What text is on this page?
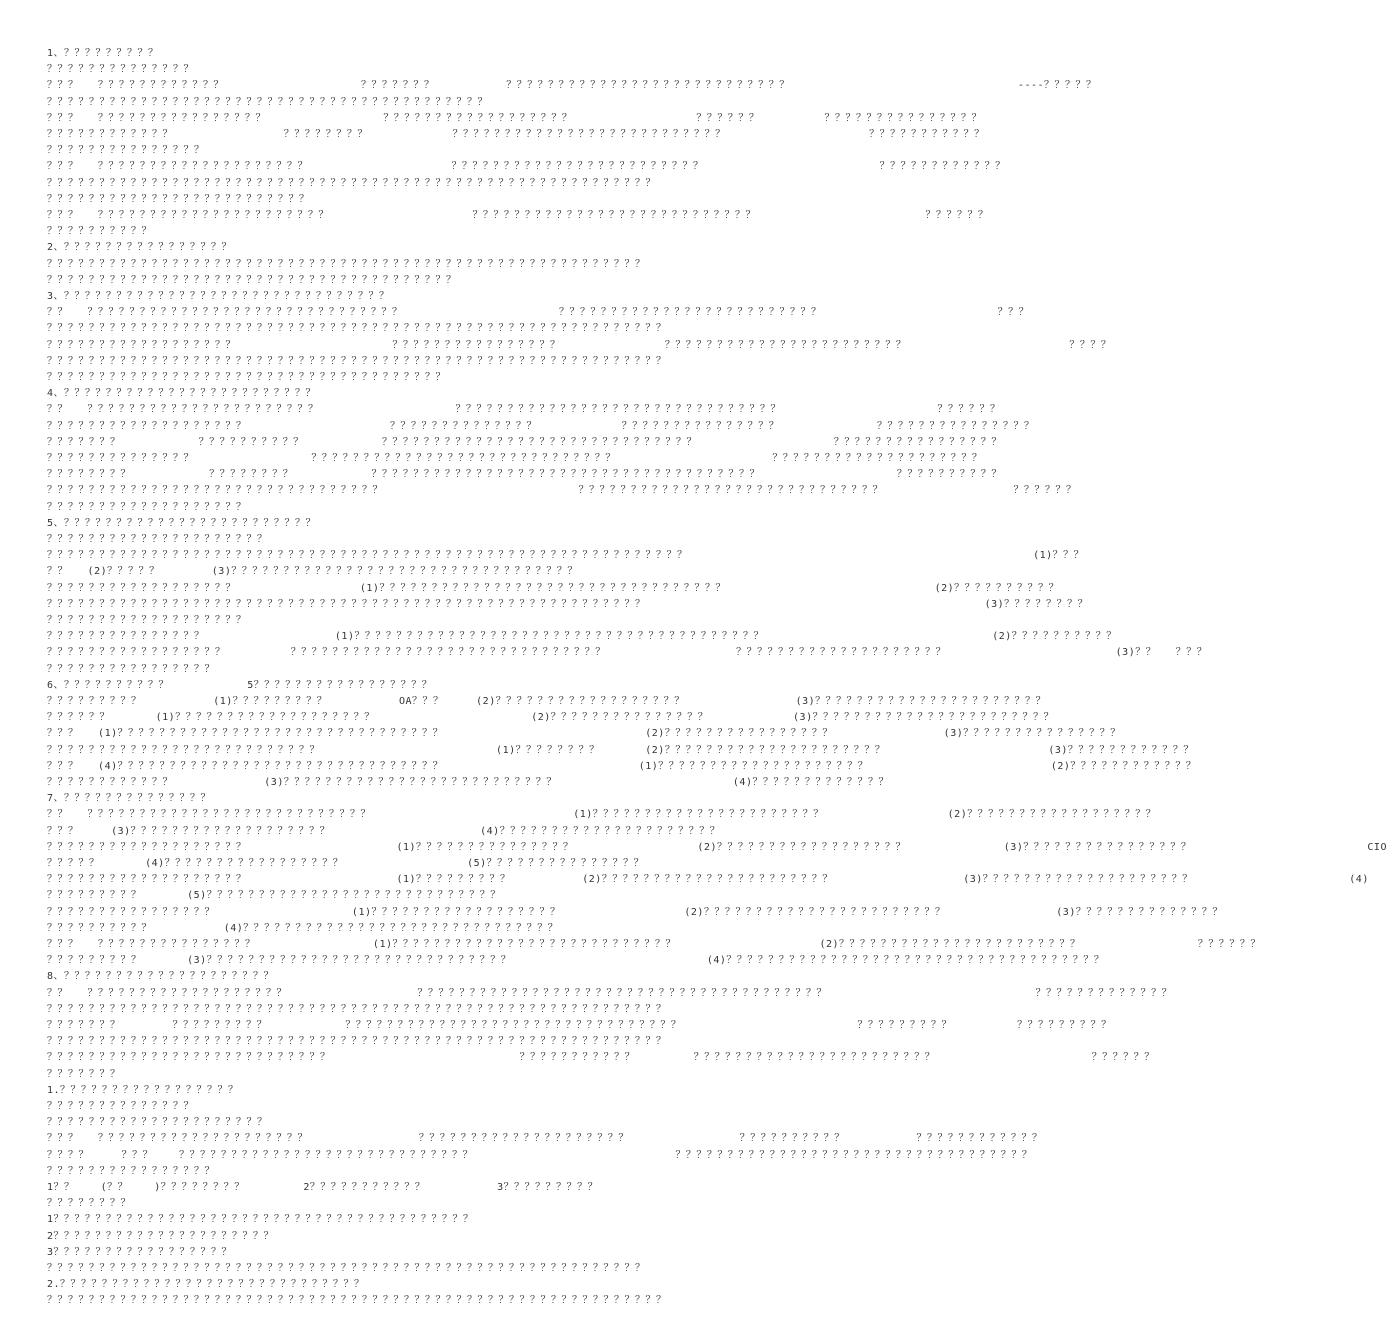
1、？？？？？？？？？
？？？？？？？？？？？？？？
？？？   ？？？？？？？？？？？？                     ？？？？？？？           ？？？？？？？？？？？？？？？？？？？？？？？？？？？                                   ----？？？？？
？？？？？？？？？？？？？？？？？？？？？？？？？？？？？？？？？？？？？？？？？？
？？？   ？？？？？？？？？？？？？？？？                  ？？？？？？？？？？？？？？？？？？                   ？？？？？？          ？？？？？？？？？？？？？？？
？？？？？？？？？？？？                 ？？？？？？？？             ？？？？？？？？？？？？？？？？？？？？？？？？？？                      ？？？？？？？？？？？
？？？？？？？？？？？？？？？
？？？   ？？？？？？？？？？？？？？？？？？？？                      ？？？？？？？？？？？？？？？？？？？？？？？？                           ？？？？？？？？？？？？
？？？？？？？？？？？？？？？？？？？？？？？？？？？？？？？？？？？？？？？？？？？？？？？？？？？？？？？？？？
？？？？？？？？？？？？？？？？？？？？？？？？？
？？？   ？？？？？？？？？？？？？？？？？？？？？？                      ？？？？？？？？？？？？？？？？？？？？？？？？？？？                          ？？？？？？
？？？？？？？？？？
2、？？？？？？？？？？？？？？？？
？？？？？？？？？？？？？？？？？？？？？？？？？？？？？？？？？？？？？？？？？？？？？？？？？？？？？？？？？
？？？？？？？？？？？？？？？？？？？？？？？？？？？？？？？？？？？？？？？
3、？？？？？？？？？？？？？？？？？？？？？？？？？？？？？？？
？？   ？？？？？？？？？？？？？？？？？？？？？？？？？？？？？？                        ？？？？？？？？？？？？？？？？？？？？？？？？？                           ？？？
？？？？？？？？？？？？？？？？？？？？？？？？？？？？？？？？？？？？？？？？？？？？？？？？？？？？？？？？？？？
？？？？？？？？？？？？？？？？？？                        ？？？？？？？？？？？？？？？？                ？？？？？？？？？？？？？？？？？？？？？？？                         ？？？？
？？？？？？？？？？？？？？？？？？？？？？？？？？？？？？？？？？？？？？？？？？？？？？？？？？？？？？？？？？？
？？？？？？？？？？？？？？？？？？？？？？？？？？？？？？？？？？？？？？
4、？？？？？？？？？？？？？？？？？？？？？？？？
？？   ？？？？？？？？？？？？？？？？？？？？？？                     ？？？？？？？？？？？？？？？？？？？？？？？？？？？？？？？                        ？？？？？？
？？？？？？？？？？？？？？？？？？？                      ？？？？？？？？？？？？？？             ？？？？？？？？？？？？？？？               ？？？？？？？？？？？？？？？
？？？？？？？            ？？？？？？？？？？            ？？？？？？？？？？？？？？？？？？？？？？？？？？？？？？                     ？？？？？？？？？？？？？？？？
？？？？？？？？？？？？？？                  ？？？？？？？？？？？？？？？？？？？？？？？？？？？？？                        ？？？？？？？？？？？？？？？？？？？？
？？？？？？？？            ？？？？？？？？            ？？？？？？？？？？？？？？？？？？？？？？？？？？？？？？？？？？？？？                     ？？？？？？？？？？
？？？？？？？？？？？？？？？？？？？？？？？？？？？？？？？？                              ？？？？？？？？？？？？？？？？？？？？？？？？？？？？？                    ？？？？？？
？？？？？？？？？？？？？？？？？？？
5、？？？？？？？？？？？？？？？？？？？？？？？？
？？？？？？？？？？？？？？？？？？？？？
？？？？？？？？？？？？？？？？？？？？？？？？？？？？？？？？？？？？？？？？？？？？？？？？？？？？？？？？？？？？？                                                     (1)？？？
？？   (2)？？？？？        (3)？？？？？？？？？？？？？？？？？？？？？？？？？？？？？？？？？
？？？？？？？？？？？？？？？？？？                   (1)？？？？？？？？？？？？？？？？？？？？？？？？？？？？？？？？？                                (2)？？？？？？？？？？
？？？？？？？？？？？？？？？？？？？？？？？？？？？？？？？？？？？？？？？？？？？？？？？？？？？？？？？？？                                                    (3)？？？？？？？？
？？？？？？？？？？？？？？？？？？？
？？？？？？？？？？？？？？？                    (1)？？？？？？？？？？？？？？？？？？？？？？？？？？？？？？？？？？？？？？？                                   (2)？？？？？？？？？？
？？？？？？？？？？？？？？？？？          ？？？？？？？？？？？？？？？？？？？？？？？？？？？？？？                    ？？？？？？？？？？？？？？？？？？？？                          (3)？？   ？？？
？？？？？？？？？？？？？？？？
6、？？？？？？？？？？            5？？？？？？？？？？？？？？？？？
？？？？？？？？？           (1)？？？？？？？？？           OA？？？     (2)？？？？？？？？？？？？？？？？？？                 (3)？？？？？？？？？？？？？？？？？？？？？？
？？？？？？       (1)？？？？？？？？？？？？？？？？？？？                        (2)？？？？？？？？？？？？？？？             (3)？？？？？？？？？？？？？？？？？？？？？？？
？？？   (1)？？？？？？？？？？？？？？？？？？？？？？？？？？？？？？？                               (2)？？？？？？？？？？？？？？？？                 (3)？？？？？？？？？？？？？？？
？？？？？？？？？？？？？？？？？？？？？？？？？？                           (1)？？？？？？？？       (2)？？？？？？？？？？？？？？？？？？？？？                         (3)？？？？？？？？？？？？
？？？   (4)？？？？？？？？？？？？？？？？？？？？？？？？？？？？？？？                              (1)？？？？？？？？？？？？？？？？？？？？                            (2)？？？？？？？？？？？？
？？？？？？？？？？？？              (3)？？？？？？？？？？？？？？？？？？？？？？？？？？                           (4)？？？？？？？？？？？？？
7、？？？？？？？？？？？？？？
？？   ？？？？？？？？？？？？？？？？？？？？？？？？？？？                               (1)？？？？？？？？？？？？？？？？？？？？？？                   (2)？？？？？？？？？？？？？？？？？？
？？？     (3)？？？？？？？？？？？？？？？？？？？                       (4)？？？？？？？？？？？？？？？？？？？？？
？？？？？？？？？？？？？？？？？？？                       (1)？？？？？？？？？？？？？？？                   (2)？？？？？？？？？？？？？？？？？？               (3)？？？？？？？？？？？？？？？？                           CIO
？？？？？       (4)？？？？？？？？？？？？？？？？？                   (5)？？？？？？？？？？？？？？？
？？？？？？？？？？？？？？？？？？？                       (1)？？？？？？？？？           (2)？？？？？？？？？？？？？？？？？？？？？？                    (3)？？？？？？？？？？？？？？？？？？？？                        (4)
？？？？？？？？？       (5)？？？？？？？？？？？？？？？？？？？？？？？？？？？？
？？？？？？？？？？？？？？？？                     (1)？？？？？？？？？？？？？？？？？？                   (2)？？？？？？？？？？？？？？？？？？？？？？？                 (3)？？？？？？？？？？？？？？
？？？？？？？？？？           (4)？？？？？？？？？？？？？？？？？？？？？？？？？？？？？？
？？？   ？？？？？？？？？？？？？？？                  (1)？？？？？？？？？？？？？？？？？？？？？？？？？？？                      (2)？？？？？？？？？？？？？？？？？？？？？？？                  ？？？？？？
？？？？？？？？？       (3)？？？？？？？？？？？？？？？？？？？？？？？？？？？？？                              (4)？？？？？？？？？？？？？？？？？？？？？？？？？？？？？？？？？？？？
8、？？？？？？？？？？？？？？？？？？？？
？？   ？？？？？？？？？？？？？？？？？？？                    ？？？？？？？？？？？？？？？？？？？？？？？？？？？？？？？？？？？？？？？                                ？？？？？？？？？？？？？
？？？？？？？？？？？？？？？？？？？？？？？？？？？？？？？？？？？？？？？？？？？？？？？？？？？？？？？？？？？
？？？？？？？        ？？？？？？？？？            ？？？？？？？？？？？？？？？？？？？？？？？？？？？？？？？？                           ？？？？？？？？？          ？？？？？？？？？
？？？？？？？？？？？？？？？？？？？？？？？？？？？？？？？？？？？？？？？？？？？？？？？？？？？？？？？？？？？
？？？？？？？？？？？？？？？？？？？？？？？？？？？                             ？？？？？？？？？？？         ？？？？？？？？？？？？？？？？？？？？？？？                        ？？？？？？
？？？？？？？
1.？？？？？？？？？？？？？？？？？
？？？？？？？？？？？？？？
？？？？？？？？？？？？？？？？？？？？？
？？？   ？？？？？？？？？？？？？？？？？？？？                 ？？？？？？？？？？？？？？？？？？？？                 ？？？？？？？？？？           ？？？？？？？？？？？？
？？？？     ？？？    ？？？？？？？？？？？？？？？？？？？？？？？？？？？？                               ？？？？？？？？？？？？？？？？？？？？？？？？？？？？？？？？？？
？？？？？？？？？？？？？？？？
1？？    (？？    )？？？？？？？？         2？？？？？？？？？？？           3？？？？？？？？？
？？？？？？？？
1？？？？？？？？？？？？？？？？？？？？？？？？？？？？？？？？？？？？？？？？
2？？？？？？？？？？？？？？？？？？？？？
3？？？？？？？？？？？？？？？？？
？？？？？？？？？？？？？？？？？？？？？？？？？？？？？？？？？？？？？？？？？？？？？？？？？？？？？？？？？
2.？？？？？？？？？？？？？？？？？？？？？？？？？？？？？
？？？？？？？？？？？？？？？？？？？？？？？？？？？？？？？？？？？？？？？？？？？？？？？？？？？？？？？？？？？
